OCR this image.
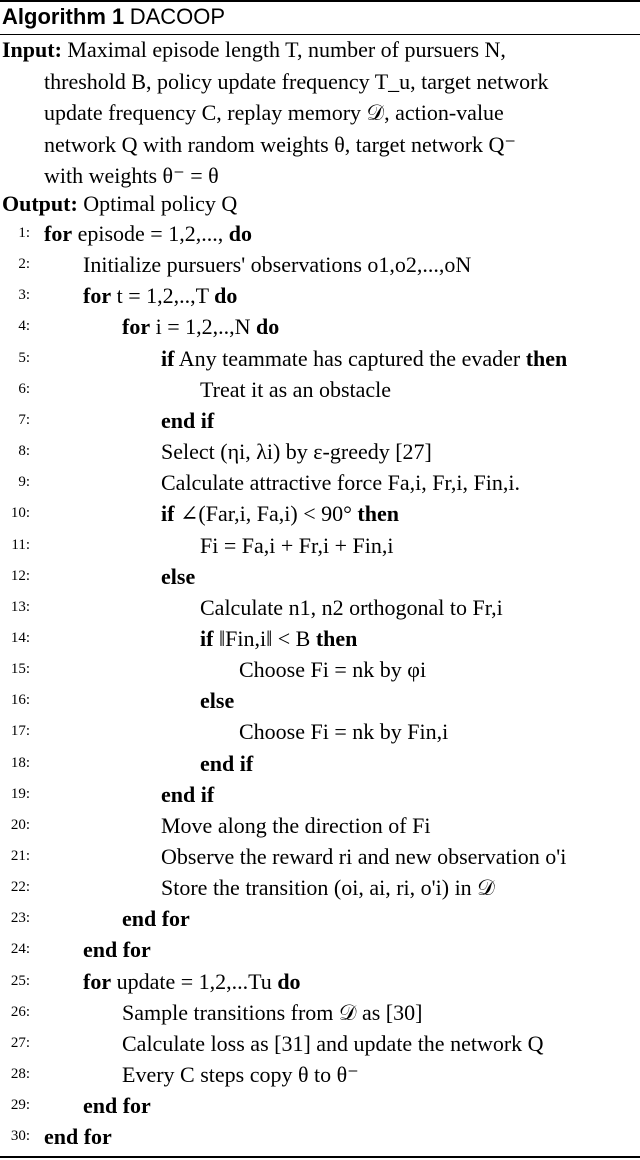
Algorithm 1 DACOOP
Input: Maximal episode length T, number of pursuers N,
threshold B, policy update frequency T_u, target network
update frequency C, replay memory 𝒟, action-value
network Q with random weights θ, target network Q⁻
with weights θ⁻ = θ
Output: Optimal policy Q
1: for episode = 1,2,..., do
2: Initialize pursuers' observations o1,o2,...,oN
3: for t = 1,2,..,T do
4:	for i = 1,2,..,N do
5:	if Any teammate has captured the evader then
6:	Treat it as an obstacle
7:	end if
8:	Select (ηi, λi) by ε-greedy [27]
9:	Calculate attractive force Fa,i, Fr,i, Fin,i.
10:	if ∠(Far,i, Fa,i) < 90° then
11:	Fi = Fa,i + Fr,i + Fin,i
12:	else
13:	Calculate n1, n2 orthogonal to Fr,i
14:	if ‖Fin,i‖ < B then
15:	Choose Fi = nk by φi
16:	else
17:	Choose Fi = nk by Fin,i
18:	end if
19:	end if
20:	Move along the direction of Fi
21:	Observe the reward ri and new observation o'i
22:	Store the transition (oi, ai, ri, o'i) in 𝒟
23:	end for
24: end for
25: for update = 1,2,...Tu do
26:	Sample transitions from 𝒟 as [30]
27:	Calculate loss as [31] and update the network Q
28:	Every C steps copy θ to θ⁻
29: end for
30: end for
